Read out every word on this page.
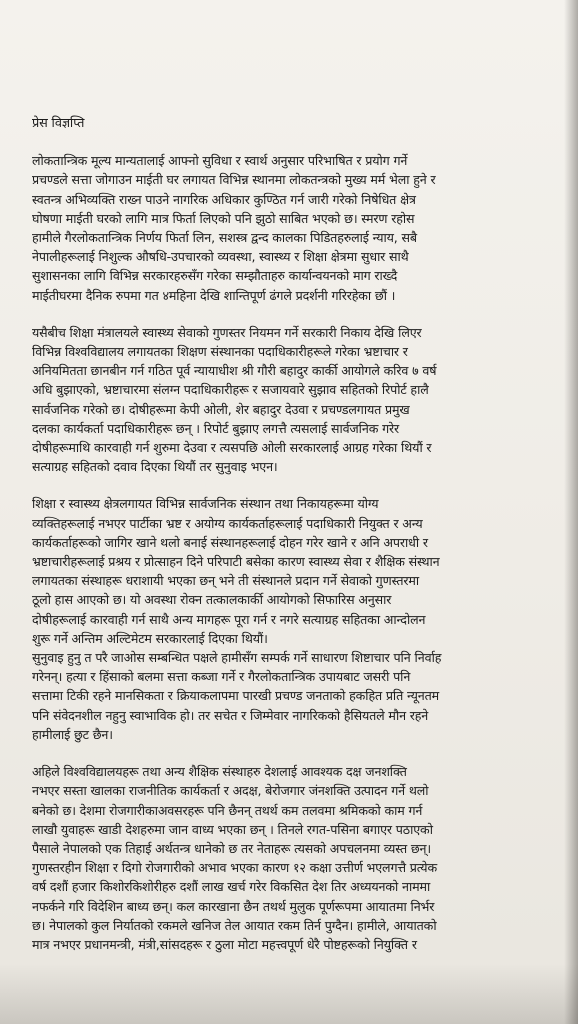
प्रेस विज्ञप्ति
लोकतान्त्रिक मूल्य मान्यतालाई आफ्नो सुविधा र स्वार्थ अनुसार परिभाषित र प्रयोग गर्ने
प्रचण्डले सत्ता जोगाउन माईती घर लगायत विभिन्न स्थानमा लोकतन्त्रको मुख्य मर्म भेला हुने र
स्वतन्त्र अभिव्यक्ति राख्न पाउने नागरिक अधिकार कुण्ठित गर्न जारी गरेको निषेधित क्षेत्र
घोषणा माईती घरको लागि मात्र फिर्ता लिएको पनि झुठो साबित भएको छ। स्मरण रहोस
हामीले गैरलोकतान्त्रिक निर्णय फिर्ता लिन, सशस्त्र द्वन्द कालका पिडितहरुलाई न्याय, सबै
नेपालीहरूलाई निशुल्क औषधि-उपचारको व्यवस्था, स्वास्थ्य र शिक्षा क्षेत्रमा सुधार साथै
सुशासनका लागि विभिन्न सरकारहरुसँग गरेका सम्झौताहरु कार्यान्वयनको माग राख्दै
माईतीघरमा दैनिक रुपमा गत ४महिना देखि शान्तिपूर्ण ढंगले प्रदर्शनी गरिरहेका छौं ।
यसैबीच शिक्षा मंत्रालयले स्वास्थ्य सेवाको गुणस्तर नियमन गर्ने सरकारी निकाय देखि लिएर
विभिन्न विश्वविद्यालय लगायतका शिक्षण संस्थानका पदाधिकारीहरूले गरेका भ्रष्टाचार र
अनियमितता छानबीन गर्न गठित पूर्व न्यायाधीश श्री गौरी बहादुर कार्की आयोगले करिव ७ वर्ष
अधि बुझाएको, भ्रष्टाचारमा संलग्न पदाधिकारीहरू र सजायवारे सुझाव सहितको रिपोर्ट हालै
सार्वजनिक गरेको छ। दोषीहरूमा केपी ओली, शेर बहादुर देउवा र प्रचण्डलगायत प्रमुख
दलका कार्यकर्ता पदाधिकारीहरू छन् । रिपोर्ट बुझाए लगत्तै त्यसलाई सार्वजनिक गरेर
दोषीहरूमाथि कारवाही गर्न शुरुमा देउवा र त्यसपछि ओली सरकारलाई आग्रह गरेका थियौं र
सत्याग्रह सहितको दवाव दिएका थियौं तर सुनुवाइ भएन।
शिक्षा र स्वास्थ्य क्षेत्रलगायत विभिन्न सार्वजनिक संस्थान तथा निकायहरूमा योग्य
व्यक्तिहरूलाई नभएर पार्टीका भ्रष्ट र अयोग्य कार्यकर्ताहरूलाई पदाधिकारी नियुक्त र अन्य
कार्यकर्ताहरूको जागिर खाने थलो बनाई संस्थानहरूलाई दोहन गरेर खाने र अनि अपराधी र
भ्रष्टाचारीहरूलाई प्रश्रय र प्रोत्साहन दिने परिपाटी बसेका कारण स्वास्थ्य सेवा र शैक्षिक संस्थान
लगायतका संस्थाहरू धराशायी भएका छन् भने ती संस्थानले प्रदान गर्ने सेवाको गुणस्तरमा
ठूलो हास आएको छ। यो अवस्था रोक्न तत्कालकार्की आयोगको सिफारिस अनुसार
दोषीहरूलाई कारवाही गर्न साथै अन्य मागहरू पूरा गर्न र नगरे सत्याग्रह सहितका आन्दोलन
शुरू गर्ने अन्तिम अल्टिमेटम सरकारलाई दिएका थियौं।
सुनुवाइ हुनु त परै जाओस सम्बन्धित पक्षले हामीसँग सम्पर्क गर्ने साधारण शिष्टाचार पनि निर्वाह
गरेनन्। हत्या र हिंसाको बलमा सत्ता कब्जा गर्ने र गैरलोकतान्त्रिक उपायबाट जसरी पनि
सत्तामा टिकी रहने मानसिकता र क्रियाकलापमा पारखी प्रचण्ड जनताको हकहित प्रति न्यूनतम
पनि संवेदनशील नहुनु स्वाभाविक हो। तर सचेत र जिम्मेवार नागरिकको हैसियतले मौन रहने
हामीलाई छुट छैन।
अहिले विश्वविद्यालयहरू तथा अन्य शैक्षिक संस्थाहरु देशलाई आवश्यक दक्ष जनशक्ति
नभएर सस्ता खालका राजनीतिक कार्यकर्ता र अदक्ष, बेरोजगार जंनशक्ति उत्पादन गर्ने थलो
बनेको छ। देशमा रोजगारीकाअवसरहरू पनि छैनन् तथर्थ कम तलवमा श्रमिकको काम गर्न
लाखौ युवाहरू खाडी देशहरुमा जान वाध्य भएका छन् । तिनले रगत-पसिना बगाएर पठाएको
पैसाले नेपालको एक तिहाई अर्थतन्त्र धानेको छ तर नेताहरू त्यसको अपचलनमा व्यस्त छन्।
गुणस्तरहीन शिक्षा र दिगो रोजगारीको अभाव भएका कारण १२ कक्षा उत्तीर्ण भएलगत्तै प्रत्येक
वर्ष दशौं हजार किशोरकिशोरीहरु दशौं लाख खर्च गरेर विकसित देश तिर अध्ययनको नाममा
नफर्कने गरि विदेशिन बाध्य छन्। कल कारखाना छैन तथर्थ मुलुक पूर्णरूपमा आयातमा निर्भर
छ। नेपालको कुल निर्यातको रकमले खनिज तेल आयात रकम तिर्न पुग्दैन। हामीले, आयातको
मात्र नभएर प्रधानमन्त्री, मंत्री,सांसदहरू र ठुला मोटा महत्त्वपूर्ण धेरै पोष्टहरूको नियुक्ति र
